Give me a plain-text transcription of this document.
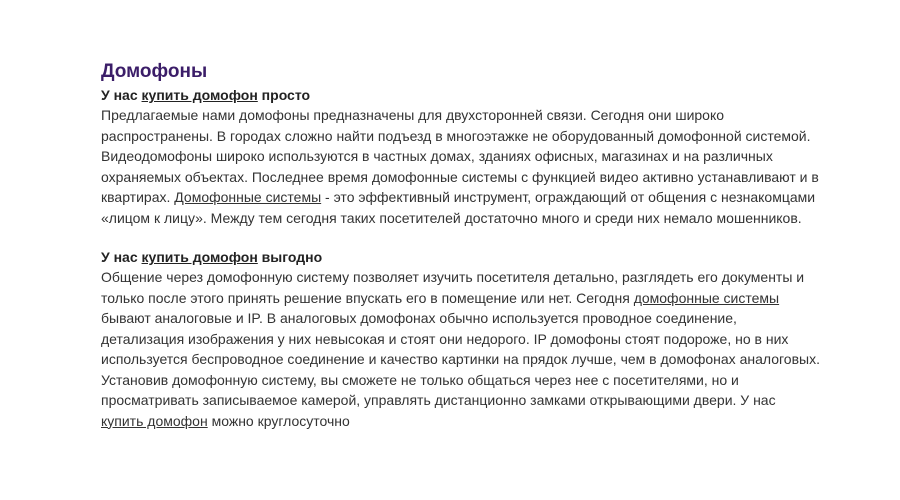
Домофоны
У нас купить домофон просто

Предлагаемые нами домофоны предназначены для двухсторонней связи. Сегодня они широко распространены. В городах сложно найти подъезд в многоэтажке не оборудованный домофонной системой. Видеодомофоны широко используются в частных домах, зданиях офисных, магазинах и на различных охраняемых объектах. Последнее время домофонные системы с функцией видео активно устанавливают и в квартирах. Домофонные системы - это эффективный инструмент, ограждающий от общения с незнакомцами «лицом к лицу». Между тем сегодня таких посетителей достаточно много и среди них немало мошенников.

У нас купить домофон выгодно

Общение через домофонную систему позволяет изучить посетителя детально, разглядеть его документы и только после этого принять решение впускать его в помещение или нет. Сегодня домофонные системы бывают аналоговые и IP. В аналоговых домофонах обычно используется проводное соединение, детализация изображения у них невысокая и стоят они недорого. IP домофоны стоят подороже, но в них используется беспроводное соединение и качество картинки на прядок лучше, чем в домофонах аналоговых. Установив домофонную систему, вы сможете не только общаться через нее с посетителями, но и просматривать записываемое камерой, управлять дистанционно замками открывающими двери. У нас купить домофон можно круглосуточно
